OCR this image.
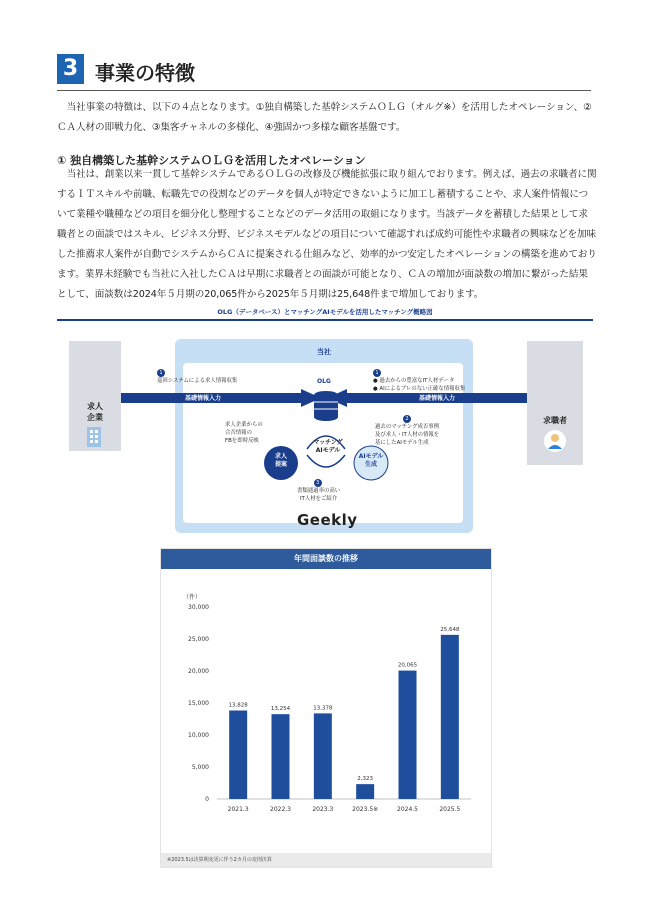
3 事業の特徴

当社事業の特徴は、以下の４点となります。①独自構築した基幹システムＯＬＧ（オルグ※）を活用したオペレーション、②ＣＡ人材の即戦力化、③集客チャネルの多様化、④強固かつ多様な顧客基盤です。

① 独自構築した基幹システムＯＬＧを活用したオペレーション

当社は、創業以来一貫して基幹システムであるＯＬＧの改修及び機能拡張に取り組んでおります。例えば、過去の求職者に関するＩＴスキルや前職、転職先での役割などのデータを個人が特定できないように加工し蓄積することや、求人案件情報について業種や職種などの項目を細分化し整理することなどのデータ活用の取組になります。当該データを蓄積した結果として求職者との面談ではスキル、ビジネス分野、ビジネスモデルなどの項目について確認すれば成約可能性や求職者の興味などを加味した推薦求人案件が自動でシステムからＣＡに提案される仕組みなど、効率的かつ安定したオペレーションの構築を進めております。業界未経験でも当社に入社したＣＡは早期に求職者との面談が可能となり、ＣＡの増加が面談数の増加に繋がった結果として、面談数は2024年５月期の20,065件から2025年５月期は25,648件まで増加しております。

OLG（データベース）とマッチングAIモデルを活用したマッチング概略図
求人
企業	求職者
当社
基礎情報入力	基礎情報入力
1
巡回システムによる求人情報収集
1
● 過去からの豊富なIT人材データ
● AIによるブレのない正確な情報収集
求人企業からの
合否情報の
FBを即時反映
2
過去のマッチング成否事例
及び求人・IT人材の情報を
基にしたAIモデル生成
3
書類通過率の高い
IT人材をご紹介
OLG
求人
提案
AIモデル
生成
マッチング
AIモデル
Geekly
年間面談数の推移
（件）
0
5,000
10,000
15,000
20,000
25,000
30,000
13,828
2021.3
13,254
2022.3
13,378
2023.3
2,323
2023.5※
20,065
2024.5
25,648
2025.5
※2023.5は決算期変更に伴う2カ月の変則決算
